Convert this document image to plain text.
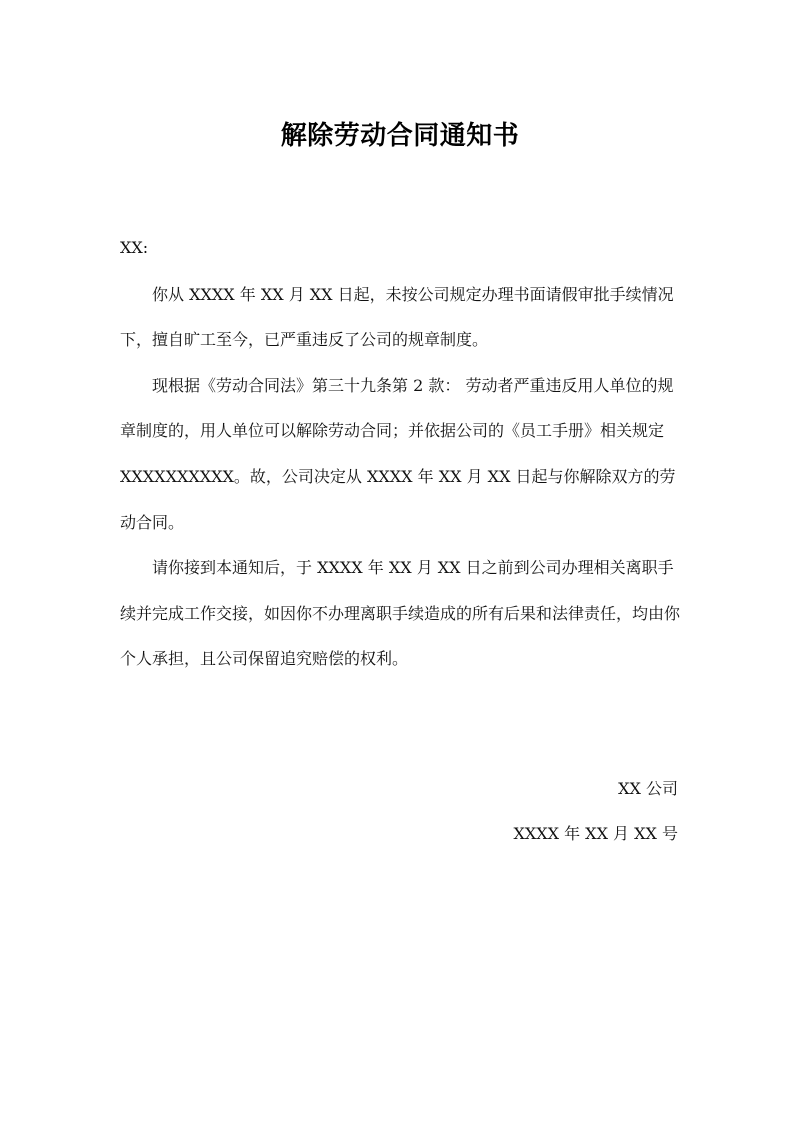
解除劳动合同通知书
XX:
你从 XXXX 年 XX 月 XX 日起，未按公司规定办理书面请假审批手续情况
下，擅自旷工至今，已严重违反了公司的规章制度。
现根据《劳动合同法》第三十九条第 2 款： 劳动者严重违反用人单位的规
章制度的，用人单位可以解除劳动合同；并依据公司的《员工手册》相关规定
XXXXXXXXXX。故，公司决定从 XXXX 年 XX 月 XX 日起与你解除双方的劳
动合同。
请你接到本通知后，于 XXXX 年 XX 月 XX 日之前到公司办理相关离职手
续并完成工作交接，如因你不办理离职手续造成的所有后果和法律责任，均由你
个人承担，且公司保留追究赔偿的权利。
XX 公司
XXXX 年 XX 月 XX 号
